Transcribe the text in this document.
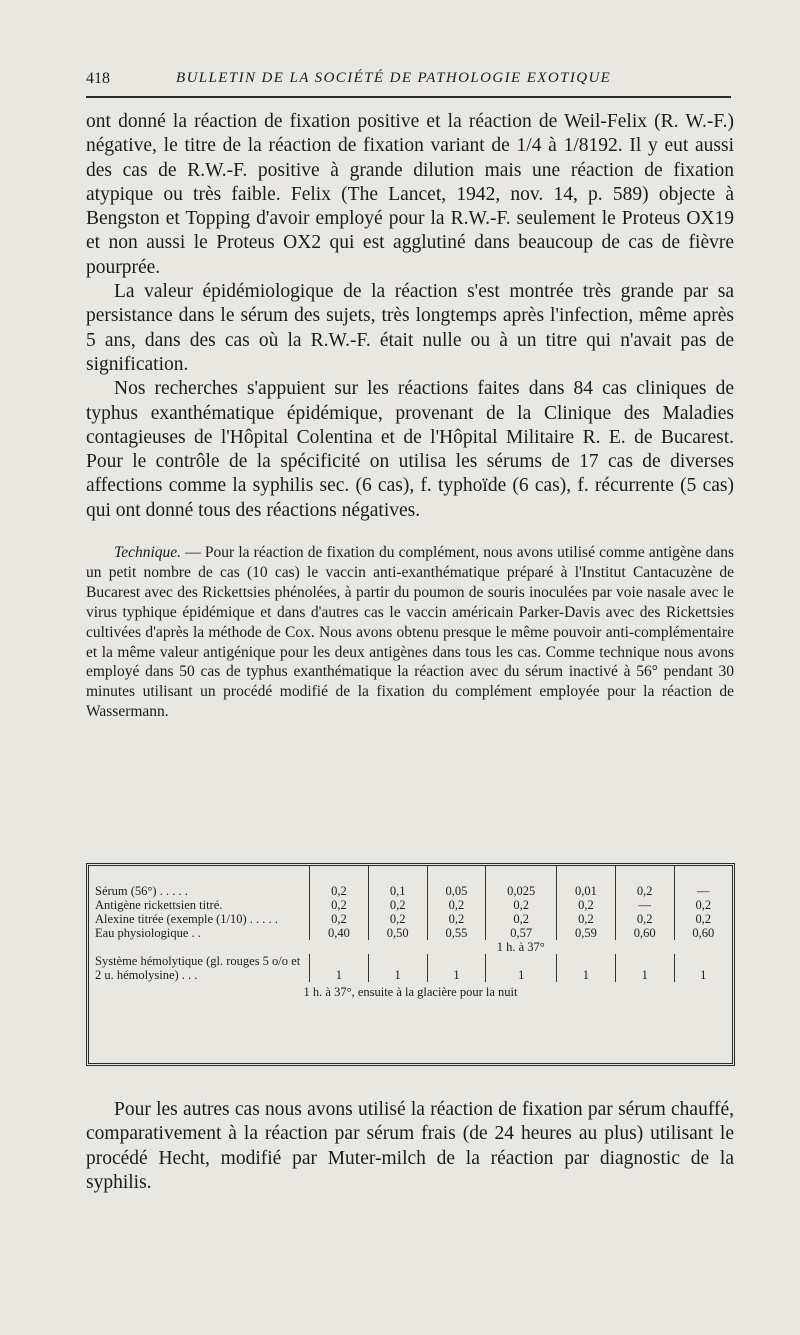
418	BULLETIN DE LA SOCIÉTÉ DE PATHOLOGIE EXOTIQUE

ont donné la réaction de fixation positive et la réaction de Weil-Felix (R. W.-F.) négative, le titre de la réaction de fixation variant de 1/4 à 1/8192. Il y eut aussi des cas de R.W.-F. positive à grande dilution mais une réaction de fixation atypique ou très faible. Felix (The Lancet, 1942, nov. 14, p. 589) objecte à Bengston et Topping d'avoir employé pour la R.W.-F. seulement le Proteus OX19 et non aussi le Proteus OX2 qui est agglutiné dans beaucoup de cas de fièvre pourprée.

La valeur épidémiologique de la réaction s'est montrée très grande par sa persistance dans le sérum des sujets, très longtemps après l'infection, même après 5 ans, dans des cas où la R.W.-F. était nulle ou à un titre qui n'avait pas de signification.

Nos recherches s'appuient sur les réactions faites dans 84 cas cliniques de typhus exanthématique épidémique, provenant de la Clinique des Maladies contagieuses de l'Hôpital Colentina et de l'Hôpital Militaire R. E. de Bucarest. Pour le contrôle de la spécificité on utilisa les sérums de 17 cas de diverses affections comme la syphilis sec. (6 cas), f. typhoïde (6 cas), f. récurrente (5 cas) qui ont donné tous des réactions négatives.

Technique. — Pour la réaction de fixation du complément, nous avons utilisé comme antigène dans un petit nombre de cas (10 cas) le vaccin anti-exanthématique préparé à l'Institut Cantacuzène de Bucarest avec des Rickettsies phénolées, à partir du poumon de souris inoculées par voie nasale avec le virus typhique épidémique et dans d'autres cas le vaccin américain Parker-Davis avec des Rickettsies cultivées d'après la méthode de Cox. Nous avons obtenu presque le même pouvoir anti-complémentaire et la même valeur antigénique pour les deux antigènes dans tous les cas. Comme technique nous avons employé dans 50 cas de typhus exanthématique la réaction avec du sérum inactivé à 56° pendant 30 minutes utilisant un procédé modifié de la fixation du complément employée pour la réaction de Wassermann.

Sérum (56°) . . . . .	0,2	0,1	0,05	0,025	0,01	0,2	—
Antigène rickettsien titré.	0,2	0,2	0,2	0,2	0,2	—	0,2
Alexine titrée (exemple (1/10) . . . . .	0,2	0,2	0,2	0,2	0,2	0,2	0,2
Eau physiologique . .	0,40	0,50	0,55	0,57	0,59	0,60	0,60
	1 h. à 37°						
Système hémolytique (gl. rouges 5 o/o et 2 u. hémolysine) . . .	1	1	1	1	1	1	1
1 h. à 37°, ensuite à la glacière pour la nuit

Pour les autres cas nous avons utilisé la réaction de fixation par sérum chauffé, comparativement à la réaction par sérum frais (de 24 heures au plus) utilisant le procédé Hecht, modifié par Muter-milch de la réaction par diagnostic de la syphilis.
